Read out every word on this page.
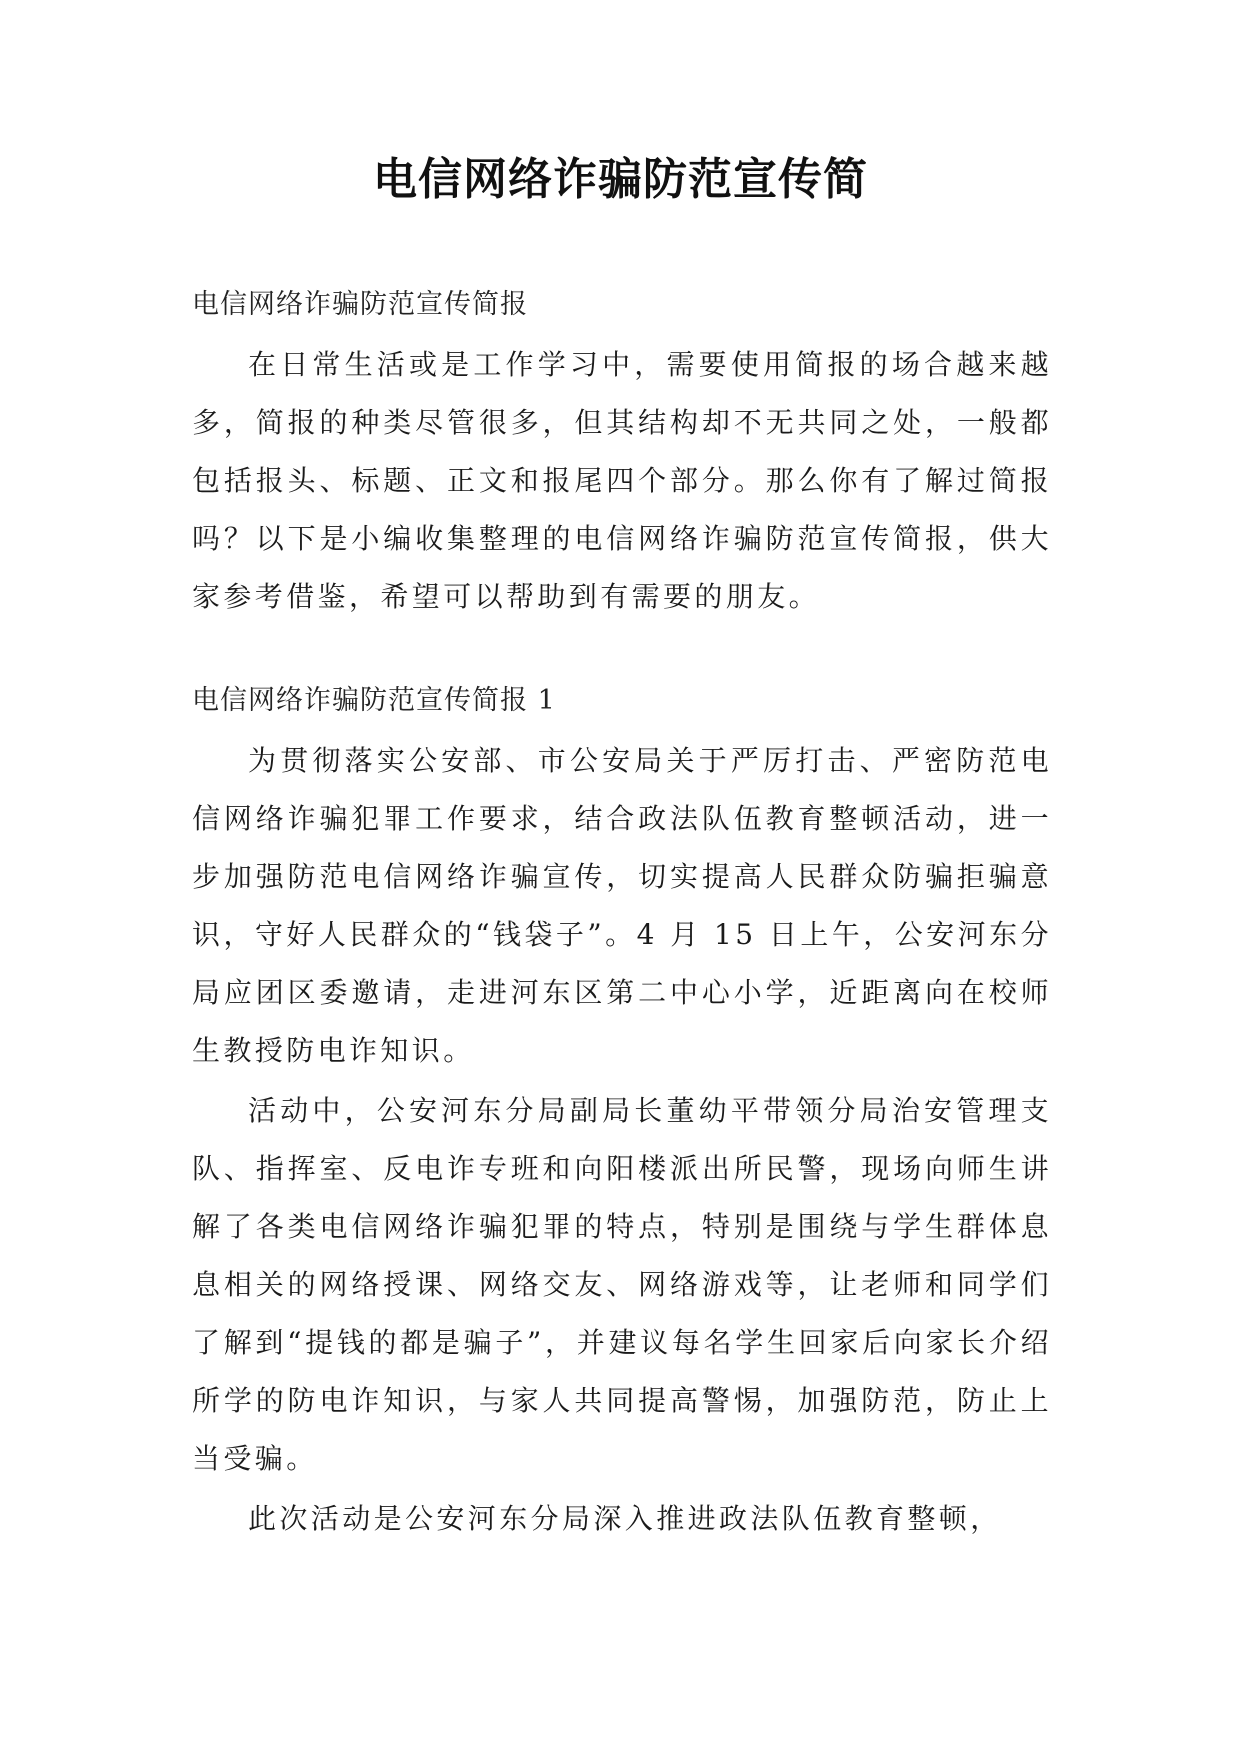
电信网络诈骗防范宣传简

电信网络诈骗防范宣传简报

在日常生活或是工作学习中，需要使用简报的场合越来越多，简报的种类尽管很多，但其结构却不无共同之处，一般都包括报头、标题、正文和报尾四个部分。那么你有了解过简报吗？以下是小编收集整理的电信网络诈骗防范宣传简报，供大家参考借鉴，希望可以帮助到有需要的朋友。

电信网络诈骗防范宣传简报 1

为贯彻落实公安部、市公安局关于严厉打击、严密防范电信网络诈骗犯罪工作要求，结合政法队伍教育整顿活动，进一步加强防范电信网络诈骗宣传，切实提高人民群众防骗拒骗意识，守好人民群众的“钱袋子”。4 月 15 日上午，公安河东分局应团区委邀请，走进河东区第二中心小学，近距离向在校师生教授防电诈知识。

活动中，公安河东分局副局长董幼平带领分局治安管理支队、指挥室、反电诈专班和向阳楼派出所民警，现场向师生讲解了各类电信网络诈骗犯罪的特点，特别是围绕与学生群体息息相关的网络授课、网络交友、网络游戏等，让老师和同学们了解到“提钱的都是骗子”，并建议每名学生回家后向家长介绍所学的防电诈知识，与家人共同提高警惕，加强防范，防止上当受骗。

此次活动是公安河东分局深入推进政法队伍教育整顿，
